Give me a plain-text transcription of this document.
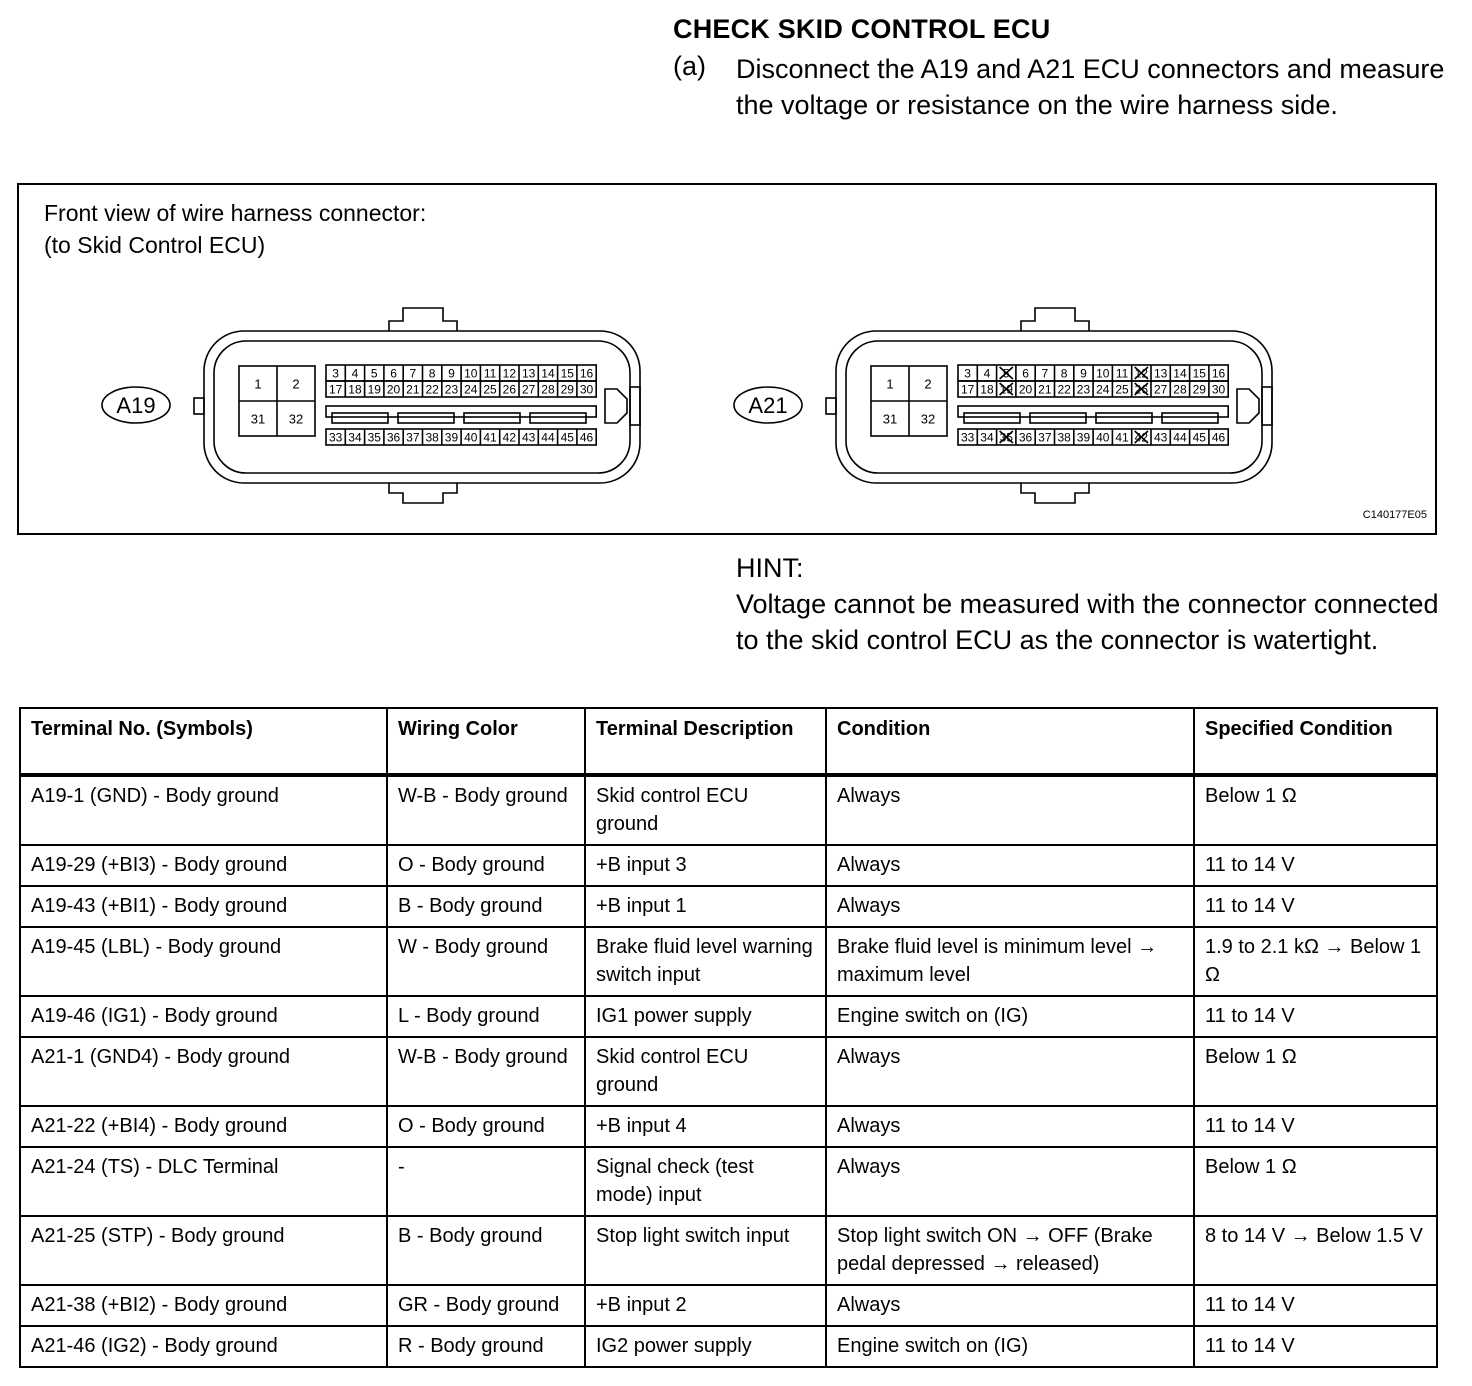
CHECK SKID CONTROL ECU
(a) Disconnect the A19 and A21 ECU connectors and measure the voltage or resistance on the wire harness side.
Front view of wire harness connector:
(to Skid Control ECU)
A19
1 2
31 32
3 4 5 6 7 8 9 10 11 12 13 14 15 16
17 18 19 20 21 22 23 24 25 26 27 28 29 30
33 34 35 36 37 38 39 40 41 42 43 44 45 46
A21
1 2
31 32
3 4 5 6 7 8 9 10 11 12 13 14 15 16
17 18 19 20 21 22 23 24 25 26 27 28 29 30
33 34 35 36 37 38 39 40 41 42 43 44 45 46
C140177E05
HINT:
Voltage cannot be measured with the connector connected to the skid control ECU as the connector is watertight.
Terminal No. (Symbols)	Wiring Color	Terminal Description	Condition	Specified Condition
A19-1 (GND) - Body ground	W-B - Body ground	Skid control ECU ground	Always	Below 1 Ω
A19-29 (+BI3) - Body ground	O - Body ground	+B input 3	Always	11 to 14 V
A19-43 (+BI1) - Body ground	B - Body ground	+B input 1	Always	11 to 14 V
A19-45 (LBL) - Body ground	W - Body ground	Brake fluid level warning switch input	Brake fluid level is minimum level → maximum level	1.9 to 2.1 kΩ → Below 1 Ω
A19-46 (IG1) - Body ground	L - Body ground	IG1 power supply	Engine switch on (IG)	11 to 14 V
A21-1 (GND4) - Body ground	W-B - Body ground	Skid control ECU ground	Always	Below 1 Ω
A21-22 (+BI4) - Body ground	O - Body ground	+B input 4	Always	11 to 14 V
A21-24 (TS) - DLC Terminal	-	Signal check (test mode) input	Always	Below 1 Ω
A21-25 (STP) - Body ground	B - Body ground	Stop light switch input	Stop light switch ON → OFF (Brake pedal depressed → released)	8 to 14 V → Below 1.5 V
A21-38 (+BI2) - Body ground	GR - Body ground	+B input 2	Always	11 to 14 V
A21-46 (IG2) - Body ground	R - Body ground	IG2 power supply	Engine switch on (IG)	11 to 14 V
